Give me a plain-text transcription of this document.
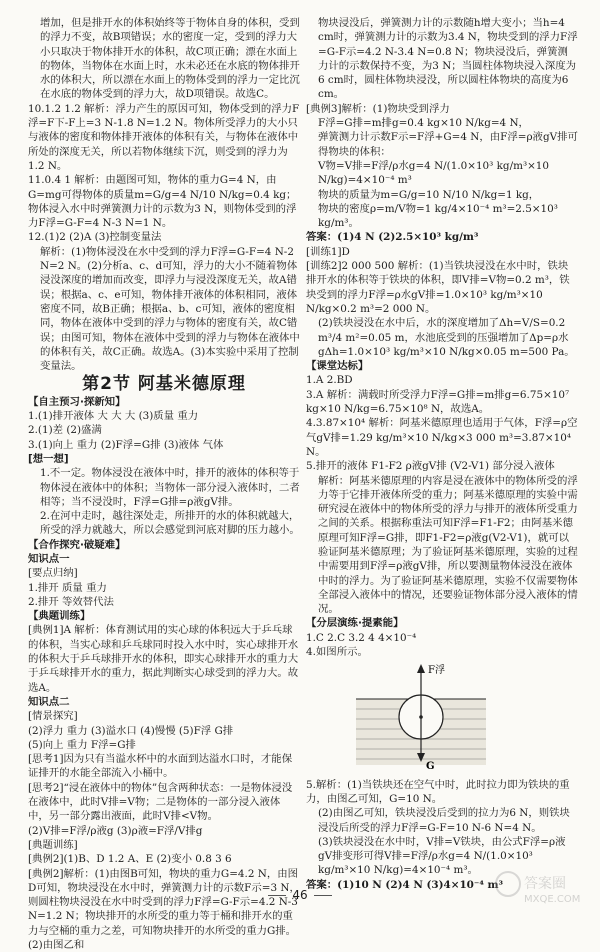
增加，但是排开水的体积始终等于物体自身的体积，受到的浮力不变，故B项错误；水的密度一定，受到的浮力大小只取决于物体排开水的体积，故C项正确；漂在水面上的物体，当物体在水面上时，水未必还在水底的物体排开水的体积大，所以漂在水面上的物体受到的浮力一定比沉在水底的物体受到的浮力大，故D项错误。故选C。

10.1.2 1.2 解析：浮力产生的原因可知，物体受到的浮力F浮=F下-F上=3 N-1.8 N=1.2 N。物体所受浮力的大小只与液体的密度和物体排开液体的体积有关，与物体在液体中所处的深度无关，所以若物体继续下沉，则受到的浮力为1.2 N。

11.0.4 1 解析：由题图可知，物体的重力G=4 N，由G=mg可得物体的质量m=G/g=4 N/10 N/kg=0.4 kg；物体浸入水中时弹簧测力计的示数为3 N，则物体受到的浮力F浮=G-F=4 N-3 N=1 N。

12.(1)2 (2)A (3)控制变量法

解析：(1)物体浸没在水中受到的浮力F浮=G-F=4 N-2 N=2 N。(2)分析a、c、d可知，浮力的大小不随着物体浸没深度的增加而改变，即浮力与浸没深度无关，故A错误；根据a、c、e可知，物体排开液体的体积相同，液体密度不同，故B正确；根据a、b、c可知，液体的密度相同，物体在液体中受到的浮力与物体的密度有关，故C错误；由图可知，物体在液体中受到的浮力与物体在液体中的体积有关，故C正确。故选A。(3)本实验中采用了控制变量法。

第2节 阿基米德原理

【自主预习·探新知】

1.(1)排开液体 大 大 大 (3)质量 重力

2.(1)差 (2)盛满

3.(1)向上 重力 (2)F浮=G排 (3)液体 气体

[想一想]

1.不一定。物体浸没在液体中时，排开的液体的体积等于物体浸在液体中的体积；当物体一部分浸入液体时，二者相等；当不浸没时，F浮=G排=ρ液gV排。

2.在河中走时，越往深处走，所排开的水的体积就越大，所受的浮力就越大，所以会感觉到河底对脚的压力越小。

【合作探究·破疑难】

知识点一

[要点归纳]

1.排开 质量 重力

2.排开 等效替代法

【典题训练】

[典例1]A 解析：体育测试用的实心球的体积远大于乒乓球的体积，当实心球和乒乓球同时投入水中时，实心球排开水的体积大于乒乓球排开水的体积，即实心球排开水的重力大于乒乓球排开水的重力，据此判断实心球受到的浮力大。故选A。

知识点二

[情景探究]

(2)浮力 重力 (3)溢水口 (4)慢慢 (5)F浮 G排

(5)向上 重力 F浮=G排

[思考1]因为只有当溢水杯中的水面到达溢水口时，才能保证排开的水能全部流入小桶中。

[思考2]“浸在液体中的物体”包含两种状态：一是物体浸没在液体中，此时V排=V物；二是物体的一部分浸入液体中，另一部分露出液面，此时V排<V物。

(2)V排=F浮/ρ液g (3)ρ液=F浮/V排g

[典题训练]

[典例2](1)B、D 1.2 A、E (2)变小 0.8 3 6

[典例2]解析：(1)由图B可知，物块的重力G=4.2 N，由图D可知，物块浸没在水中时，弹簧测力计的示数F示=3 N，则圆柱物块浸没在水中时受到的浮力F浮=G-F示=4.2 N-3 N=1.2 N；物块排开的水所受的重力等于桶和排开水的重力与空桶的重力之差，可知物块排开的水所受的重力G排。(2)由图乙和

物块浸没后，弹簧测力计的示数随h增大变小；当h=4 cm时，弹簧测力计的示数为3.4 N，物块受到的浮力F浮=G-F示=4.2 N-3.4 N=0.8 N；物块浸没后，弹簧测力计的示数保持不变，为3 N；当圆柱体物块浸入深度为6 cm时，圆柱体物块浸没，所以圆柱体物块的高度为6 cm。

[典例3]解析：(1)物块受到浮力

F浮=G排=m排g=0.4 kg×10 N/kg=4 N，

弹簧测力计示数F示=F浮+G=4 N，由F浮=ρ液gV排可得物块的体积：

V物=V排=F浮/ρ水g=4 N/(1.0×10³ kg/m³×10 N/kg)=4×10⁻⁴ m³

物块的质量为m=G/g=10 N/10 N/kg=1 kg，

物块的密度ρ=m/V物=1 kg/4×10⁻⁴ m³=2.5×10³ kg/m³。

答案：(1)4 N (2)2.5×10³ kg/m³

[训练1]D

[训练2]2 000 500 解析：(1)当铁块浸没在水中时，铁块排开水的体积等于铁块的体积，即V排=V物=0.2 m³，铁块受到的浮力F浮=ρ水gV排=1.0×10³ kg/m³×10 N/kg×0.2 m³=2 000 N。

(2)铁块浸没在水中后，水的深度增加了Δh=V/S=0.2 m³/4 m²=0.05 m，水池底受到的压强增加了Δp=ρ水gΔh=1.0×10³ kg/m³×10 N/kg×0.05 m=500 Pa。

【课堂达标】

1.A 2.BD

3.A 解析：满载时所受浮力F浮=G排=m排g=6.75×10⁷ kg×10 N/kg=6.75×10⁸ N，故选A。

4.3.87×10⁴ 解析：阿基米德原理也适用于气体，F浮=ρ空气gV排=1.29 kg/m³×10 N/kg×3 000 m³=3.87×10⁴ N。

5.排开的液体 F1-F2 ρ液gV排 (V2-V1) 部分浸入液体

解析：阿基米德原理的内容是浸在液体中的物体所受的浮力等于它排开液体所受的重力；阿基米德原理的实验中需研究浸在液体中的物体所受的浮力与排开的液体所受重力之间的关系。根据称重法可知F浮=F1-F2；由阿基米德原理可知F浮=G排，即F1-F2=ρ液g(V2-V1)，就可以验证阿基米德原理；为了验证阿基米德原理，实验的过程中需要用到F浮=ρ液gV排，所以要测量物体浸没在液体中时的浮力。为了验证阿基米德原理，实验不仅需要物体全部浸入液体中的情况，还要验证物体部分浸入液体的情况。

【分层演练·提素能】

1.C 2.C 3.2 4 4×10⁻⁴

4.如图所示。

F浮
G

5.解析：(1)当铁块还在空气中时，此时拉力即为铁块的重力，由图乙可知，G=10 N。

(2)由图乙可知，铁块浸没后受到的拉力为6 N，则铁块浸没后所受的浮力F浮=G-F=10 N-6 N=4 N。

(3)铁块浸没在水中时，V排=V铁块，由公式F浮=ρ液gV排变形可得V排=F浮/ρ水g=4 N/(1.0×10³ kg/m³×10 N/kg)=4×10⁻⁴ m³。

答案：(1)10 N (2)4 N (3)4×10⁻⁴ m³

46
答案圈
MXQE.COM
